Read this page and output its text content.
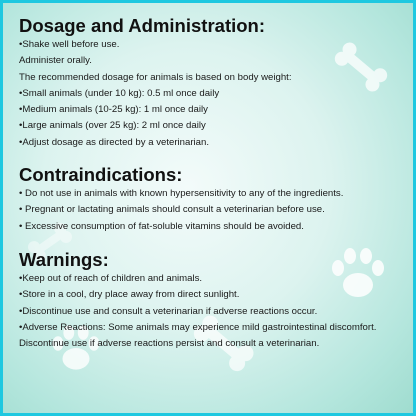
Dosage and Administration:
•Shake well before use.
Administer orally.
The recommended dosage for animals is based on body weight:
•Small animals (under 10 kg): 0.5 ml once daily
•Medium animals (10-25 kg): 1 ml once daily
•Large animals (over 25 kg): 2 ml once daily
•Adjust dosage as directed by a veterinarian.
Contraindications:
• Do not use in animals with known hypersensitivity to any of the ingredients.
• Pregnant or lactating animals should consult a veterinarian before use.
• Excessive consumption of fat-soluble vitamins should be avoided.
Warnings:
•Keep out of reach of children and animals.
•Store in a cool, dry place away from direct sunlight.
•Discontinue use and consult a veterinarian if adverse reactions occur.
•Adverse Reactions: Some animals may experience mild gastrointestinal discomfort.
Discontinue use if adverse reactions persist and consult a veterinarian.
